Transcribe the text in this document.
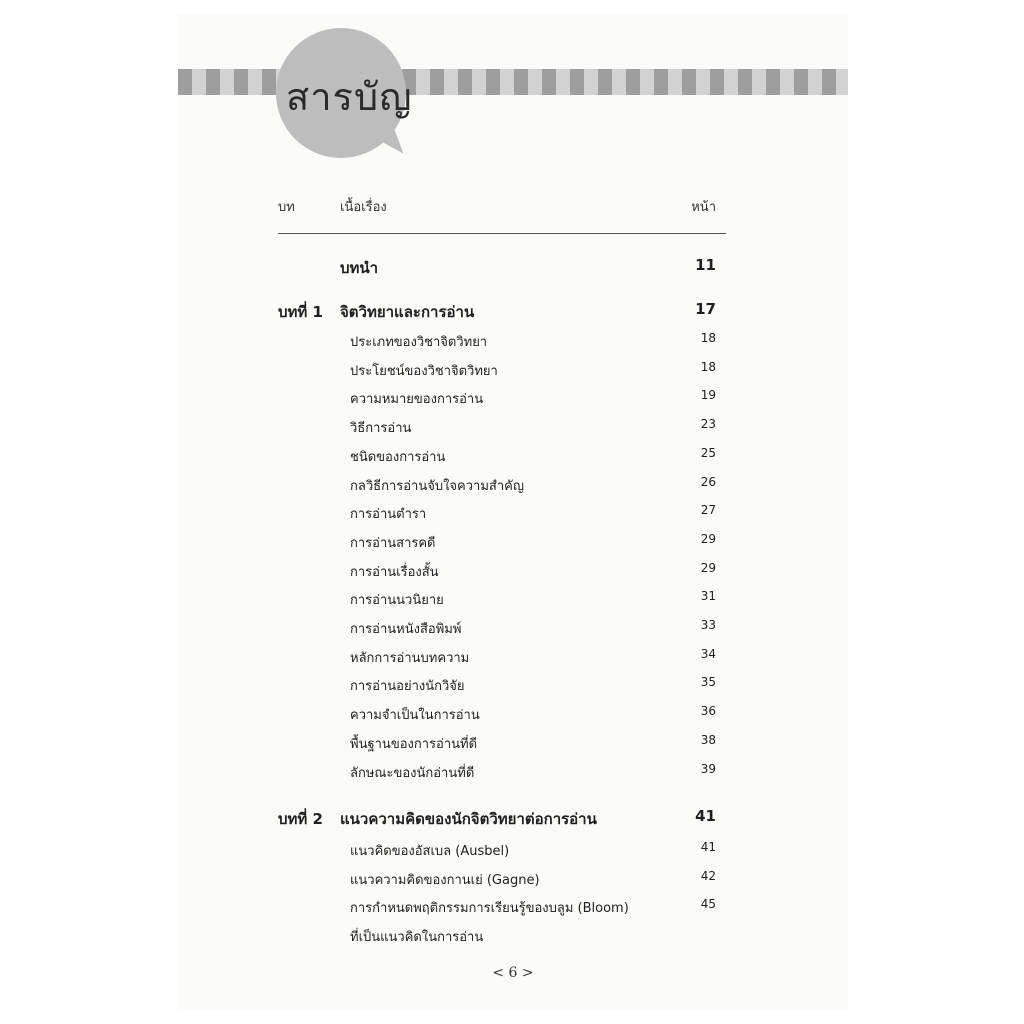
สารบัญ
บท	เนื้อเรื่อง	หน้า
บทนำ	11
บทที่ 1 จิตวิทยาและการอ่าน	17
ประเภทของวิชาจิตวิทยา	18
ประโยชน์ของวิชาจิตวิทยา	18
ความหมายของการอ่าน	19
วิธีการอ่าน	23
ชนิดของการอ่าน	25
กลวิธีการอ่านจับใจความสำคัญ	26
การอ่านตำรา	27
การอ่านสารคดี	29
การอ่านเรื่องสั้น	29
การอ่านนวนิยาย	31
การอ่านหนังสือพิมพ์	33
หลักการอ่านบทความ	34
การอ่านอย่างนักวิจัย	35
ความจำเป็นในการอ่าน	36
พื้นฐานของการอ่านที่ดี	38
ลักษณะของนักอ่านที่ดี	39
บทที่ 2 แนวความคิดของนักจิตวิทยาต่อการอ่าน	41
แนวคิดของอัสเบล (Ausbel)	41
แนวความคิดของกานเย่ (Gagne)	42
การกำหนดพฤติกรรมการเรียนรู้ของบลูม (Bloom)	45
ที่เป็นแนวคิดในการอ่าน
< 6 >
